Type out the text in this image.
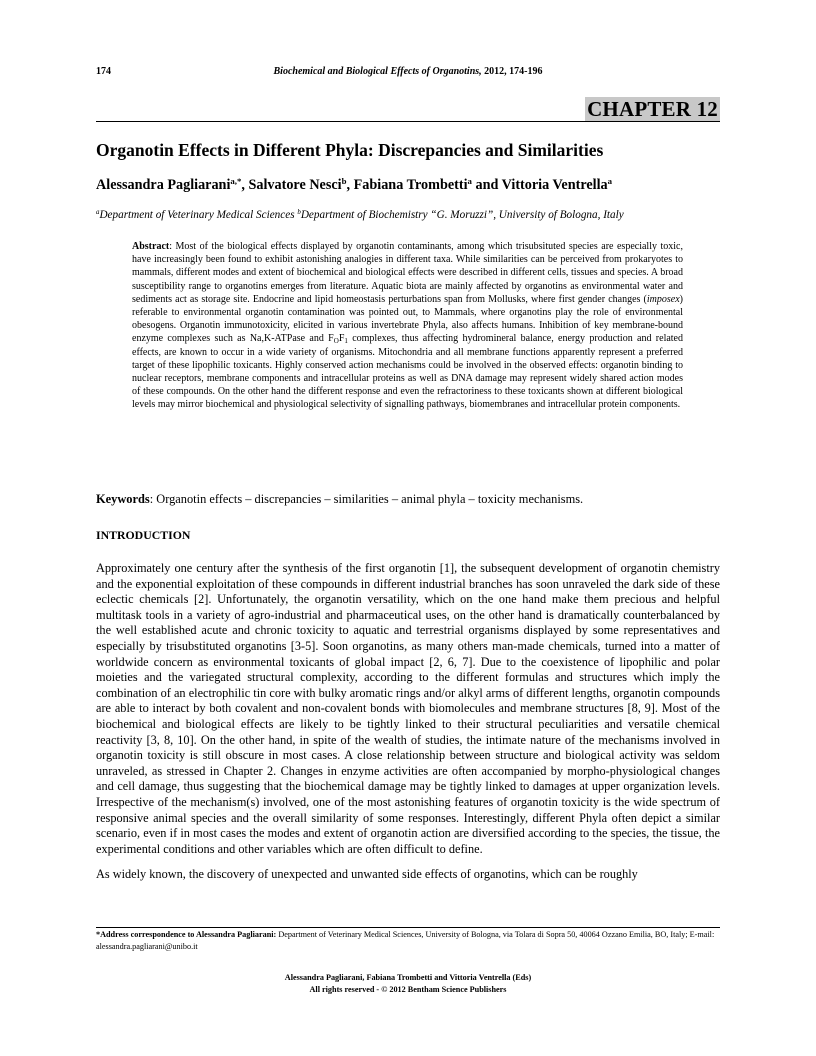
174	Biochemical and Biological Effects of Organotins, 2012, 174-196
CHAPTER 12
Organotin Effects in Different Phyla: Discrepancies and Similarities
Alessandra Pagliarani$^{a,*}$, Salvatore Nesci$^b$, Fabiana Trombetti$^a$ and Vittoria Ventrella$^a$
$^a$Department of Veterinary Medical Sciences $^b$Department of Biochemistry “G. Moruzzi”, University of Bologna, Italy
Abstract: Most of the biological effects displayed by organotin contaminants, among which trisubsituted species are especially toxic, have increasingly been found to exhibit astonishing analogies in different taxa. While similarities can be perceived from prokaryotes to mammals, different modes and extent of biochemical and biological effects were described in different cells, tissues and species. A broad susceptibility range to organotins emerges from literature. Aquatic biota are mainly affected by organotins as environmental water and sediments act as storage site. Endocrine and lipid homeostasis perturbations span from Mollusks, where first gender changes (imposex) referable to environmental organotin contamination was pointed out, to Mammals, where organotins play the role of environmental obesogens. Organotin immunotoxicity, elicited in various invertebrate Phyla, also affects humans. Inhibition of key membrane-bound enzyme complexes such as Na,K-ATPase and $F_OF_1$ complexes, thus affecting hydromineral balance, energy production and related effects, are known to occur in a wide variety of organisms. Mitochondria and all membrane functions apparently represent a preferred target of these lipophilic toxicants. Highly conserved action mechanisms could be involved in the observed effects: organotin binding to nuclear receptors, membrane components and intracellular proteins as well as DNA damage may represent widely shared action modes of these compounds. On the other hand the different response and even the refractoriness to these toxicants shown at different biological levels may mirror biochemical and physiological selectivity of signalling pathways, biomembranes and intracellular protein components.
Keywords: Organotin effects – discrepancies – similarities – animal phyla – toxicity mechanisms.
INTRODUCTION

Approximately one century after the synthesis of the first organotin [1], the subsequent development of organotin chemistry and the exponential exploitation of these compounds in different industrial branches has soon unraveled the dark side of these eclectic chemicals [2]. Unfortunately, the organotin versatility, which on the one hand make them precious and helpful multitask tools in a variety of agro-industrial and pharmaceutical uses, on the other hand is dramatically counterbalanced by the well established acute and chronic toxicity to aquatic and terrestrial organisms displayed by some representatives and especially by trisubstituted organotins [3-5]. Soon organotins, as many others man-made chemicals, turned into a matter of worldwide concern as environmental toxicants of global impact [2, 6, 7]. Due to the coexistence of lipophilic and polar moieties and the variegated structural complexity, according to the different formulas and structures which imply the combination of an electrophilic tin core with bulky aromatic rings and/or alkyl arms of different lengths, organotin compounds are able to interact by both covalent and non-covalent bonds with biomolecules and membrane structures [8, 9]. Most of the biochemical and biological effects are likely to be tightly linked to their structural peculiarities and versatile chemical reactivity [3, 8, 10]. On the other hand, in spite of the wealth of studies, the intimate nature of the mechanisms involved in organotin toxicity is still obscure in most cases. A close relationship between structure and biological activity was seldom unraveled, as stressed in Chapter 2. Changes in enzyme activities are often accompanied by morpho-physiological changes and cell damage, thus suggesting that the biochemical damage may be tightly linked to damages at upper organization levels. Irrespective of the mechanism(s) involved, one of the most astonishing features of organotin toxicity is the wide spectrum of responsive animal species and the overall similarity of some responses. Interestingly, different Phyla often depict a similar scenario, even if in most cases the modes and extent of organotin action are diversified according to the species, the tissue, the experimental conditions and other variables which are often difficult to define.

As widely known, the discovery of unexpected and unwanted side effects of organotins, which can be roughly

*Address correspondence to Alessandra Pagliarani: Department of Veterinary Medical Sciences, University of Bologna, via Tolara di Sopra 50, 40064 Ozzano Emilia, BO, Italy; E-mail: alessandra.pagliarani@unibo.it
Alessandra Pagliarani, Fabiana Trombetti and Vittoria Ventrella (Eds)
All rights reserved - © 2012 Bentham Science Publishers
